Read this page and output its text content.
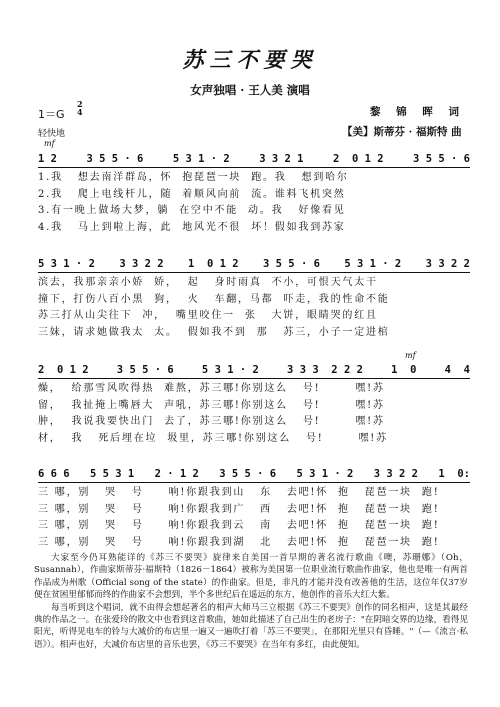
苏三不要哭
女声独唱 · 王人美 演唱
1＝G
2
4
轻快地
黎 锦 晖 词
【美】斯蒂芬 · 福斯特 曲
mf
mf
1 2	3 5 5 · 6	5 3 1 · 2	3 3 2 1	2  0 1 2	3 5 5 · 6
1.我   想去南洋群岛，怀  抱琵琶一块  跑。我   想到哈尔
2.我   爬上电线杆儿，随  着顺风向前  流。谁料飞机突然
3.有一晚上做场大梦，躺  在空中不能  动。我   好像看见
4.我   马上到啦上海，此  地风光不很  坏！假如我到苏家
5 3 1 · 2 3 3 2 2 1  0 1 2 3 5 5 · 6 5 3 1 · 2 3 3 2 2
滨去，我那亲亲小娇  娇，  起   身时雨真  不小，可恨天气太干
撞下，打伤八百小黑  狗，  火   车翻，马都  吓走，我的性命不能
苏三打从山尖往下  冲，  嘴里咬住一  张   大饼，眼睛哭的红且
三妹，请求她做我太  太。  假如我不到  那   苏三，小子一定进棺
2  0 1 2	3 5 5 · 6	5 3 1 · 2	3 3 3  2 2 2	1  0	4  4
燥，  给那雪风吹得热  难熬，苏三哪!你别这么   号!       嘿!苏
留，  我扯掩上嘴唇大  声吼，苏三哪!你别这么   号!       嘿!苏
肿，  我说我要快出门  去了，苏三哪!你别这么   号!       嘿!苏
材，  我   死后埋在垃  圾里，苏三哪!你别这么   号!       嘿!苏
6 6 6 5 5 3 1 2 · 1 2 3 5 5 · 6 5 3 1 · 2 3 3 2 2 1  0:
三 哪，别   哭   号     响!你跟我到山   东   去吧!怀  抱   琵琶一块  跑!
三 哪，别   哭   号     响!你跟我到广   西   去吧!怀  抱   琵琶一块  跑!
三 哪，别   哭   号     响!你跟我到云   南   去吧!怀  抱   琵琶一块  跑!
三 哪，别   哭   号     响!你跟我到湖   北   去吧!怀  抱   琵琶一块  跑!
大家至今仍耳熟能详的《苏三不要哭》旋律来自美国一首早期的著名流行歌曲《噢，苏珊娜》（Oh，Susannah），作曲家斯蒂芬·福斯特（1826－1864）被称为美国第一位职业流行歌曲作曲家，他也是唯一有两首作品成为州歌（Official song of the state）的作曲家。但是，非凡的才能并没有改善他的生活，这位年仅37岁便在贫困里郁郁而终的作曲家不会想到，半个多世纪后在遥远的东方，他创作的音乐大红大紫。
每当听到这个唱词，就不由得会想起著名的相声大师马三立根据《苏三不要哭》创作的同名相声，这是其最经典的作品之一。在张爱玲的散文中也看到这首歌曲，她如此描述了自己出生的老房子："在阴暗交界的边缘，看得见阳光，听得见电车的铃与大减价的布店里一遍又一遍吹打着「苏三不要哭」，在那阳光里只有昏睡。"（—《流言·私语》）。相声也好，大减价布店里的音乐也罢，《苏三不要哭》在当年有多红，由此便知。
